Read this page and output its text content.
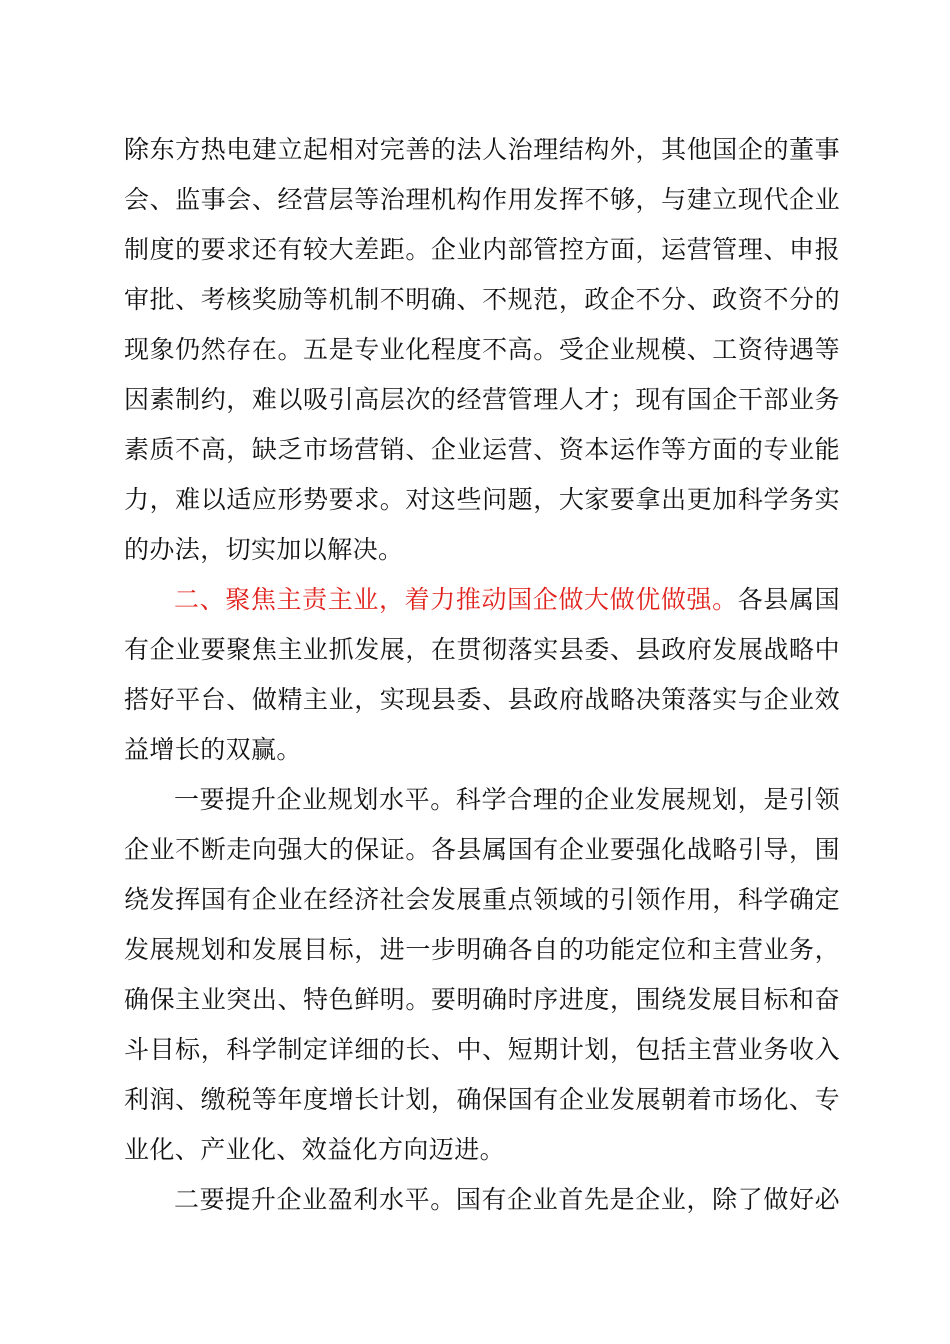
除东方热电建立起相对完善的法人治理结构外，其他国企的董事
会、监事会、经营层等治理机构作用发挥不够，与建立现代企业
制度的要求还有较大差距。企业内部管控方面，运营管理、申报
审批、考核奖励等机制不明确、不规范，政企不分、政资不分的
现象仍然存在。五是专业化程度不高。受企业规模、工资待遇等
因素制约，难以吸引高层次的经营管理人才；现有国企干部业务
素质不高，缺乏市场营销、企业运营、资本运作等方面的专业能
力，难以适应形势要求。对这些问题，大家要拿出更加科学务实
的办法，切实加以解决。
二、聚焦主责主业，着力推动国企做大做优做强。各县属国
有企业要聚焦主业抓发展，在贯彻落实县委、县政府发展战略中
搭好平台、做精主业，实现县委、县政府战略决策落实与企业效
益增长的双赢。
一要提升企业规划水平。科学合理的企业发展规划，是引领
企业不断走向强大的保证。各县属国有企业要强化战略引导，围
绕发挥国有企业在经济社会发展重点领域的引领作用，科学确定
发展规划和发展目标，进一步明确各自的功能定位和主营业务，
确保主业突出、特色鲜明。要明确时序进度，围绕发展目标和奋
斗目标，科学制定详细的长、中、短期计划，包括主营业务收入
利润、缴税等年度增长计划，确保国有企业发展朝着市场化、专
业化、产业化、效益化方向迈进。
二要提升企业盈利水平。国有企业首先是企业，除了做好必
